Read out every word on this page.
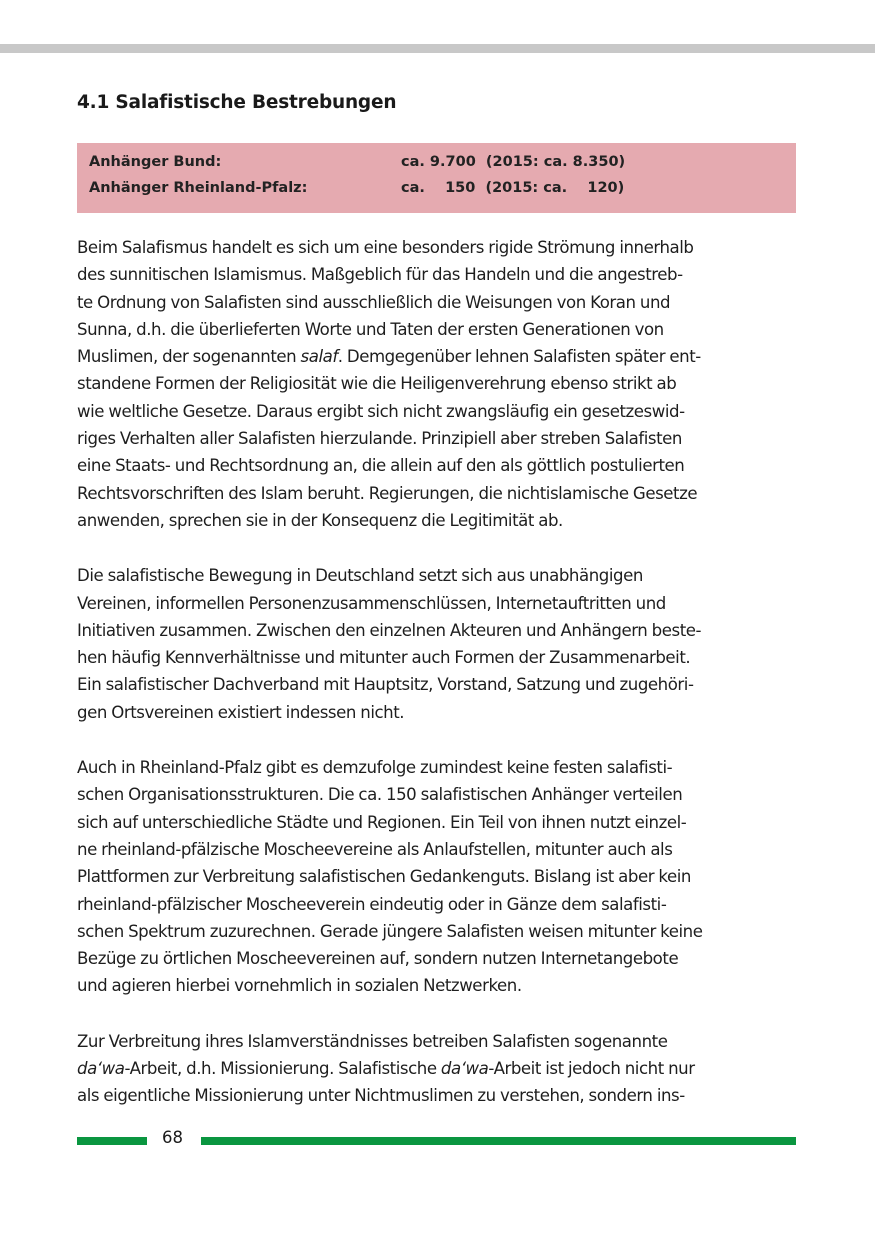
4.1 Salafistische Bestrebungen
Anhänger Bund:	ca. 9.700  (2015: ca. 8.350)
Anhänger Rheinland-Pfalz:	ca.    150  (2015: ca.    120)

Beim Salafismus handelt es sich um eine besonders rigide Strömung innerhalb
des sunnitischen Islamismus. Maßgeblich für das Handeln und die angestreb-
te Ordnung von Salafisten sind ausschließlich die Weisungen von Koran und
Sunna, d.h. die überlieferten Worte und Taten der ersten Generationen von
Muslimen, der sogenannten salaf. Demgegenüber lehnen Salafisten später ent-
standene Formen der Religiosität wie die Heiligenverehrung ebenso strikt ab
wie weltliche Gesetze. Daraus ergibt sich nicht zwangsläufig ein gesetzeswid-
riges Verhalten aller Salafisten hierzulande. Prinzipiell aber streben Salafisten
eine Staats- und Rechtsordnung an, die allein auf den als göttlich postulierten
Rechtsvorschriften des Islam beruht. Regierungen, die nichtislamische Gesetze
anwenden, sprechen sie in der Konsequenz die Legitimität ab.

Die salafistische Bewegung in Deutschland setzt sich aus unabhängigen
Vereinen, informellen Personenzusammenschlüssen, Internetauftritten und
Initiativen zusammen. Zwischen den einzelnen Akteuren und Anhängern beste-
hen häufig Kennverhältnisse und mitunter auch Formen der Zusammenarbeit.
Ein salafistischer Dachverband mit Hauptsitz, Vorstand, Satzung und zugehöri-
gen Ortsvereinen existiert indessen nicht.

Auch in Rheinland-Pfalz gibt es demzufolge zumindest keine festen salafisti-
schen Organisationsstrukturen. Die ca. 150 salafistischen Anhänger verteilen
sich auf unterschiedliche Städte und Regionen. Ein Teil von ihnen nutzt einzel-
ne rheinland-pfälzische Moscheevereine als Anlaufstellen, mitunter auch als
Plattformen zur Verbreitung salafistischen Gedankenguts. Bislang ist aber kein
rheinland-pfälzischer Moscheeverein eindeutig oder in Gänze dem salafisti-
schen Spektrum zuzurechnen. Gerade jüngere Salafisten weisen mitunter keine
Bezüge zu örtlichen Moscheevereinen auf, sondern nutzen Internetangebote
und agieren hierbei vornehmlich in sozialen Netzwerken.

Zur Verbreitung ihres Islamverständnisses betreiben Salafisten sogenannte
da‘wa-Arbeit, d.h. Missionierung. Salafistische da‘wa-Arbeit ist jedoch nicht nur
als eigentliche Missionierung unter Nichtmuslimen zu verstehen, sondern ins-

68
